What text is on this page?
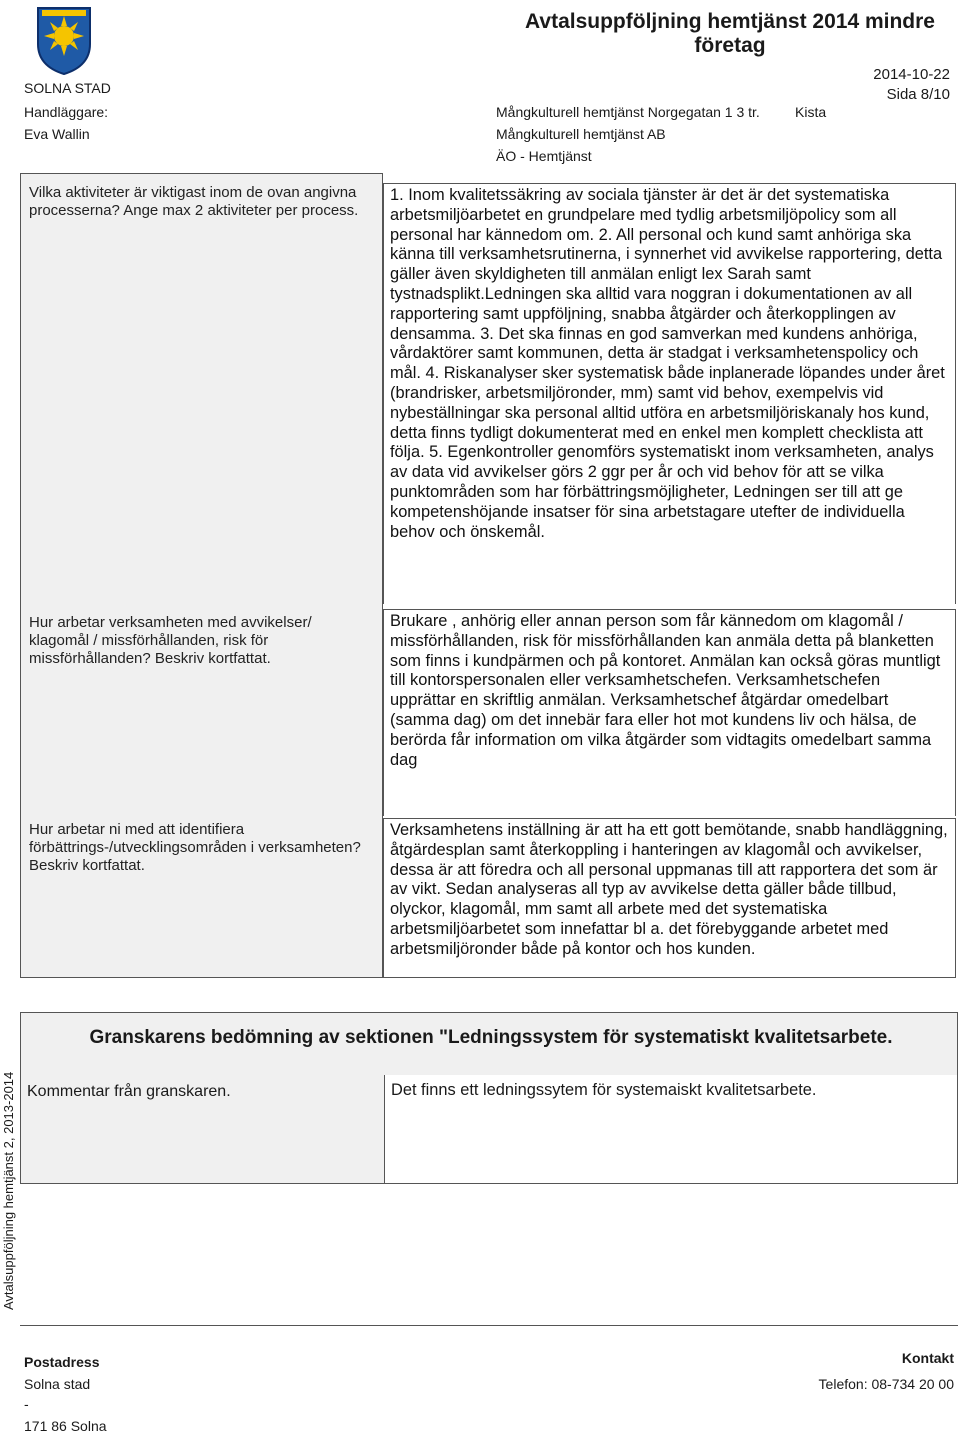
SOLNA STAD
Handläggare:
Eva Wallin
Mångkulturell hemtjänst Norgegatan 1 3 tr.	Kista
Mångkulturell hemtjänst AB
ÄO - Hemtjänst
Avtalsuppföljning hemtjänst 2014 mindre företag
2014-10-22
Sida 8/10
Vilka aktiviteter är viktigast inom de ovan angivna processerna? Ange max 2 aktiviteter per process.
Hur arbetar verksamheten med avvikelser/ klagomål / missförhållanden, risk för missförhållanden? Beskriv kortfattat.
Hur arbetar ni med att identifiera förbättrings-/utvecklingsområden i verksamheten? Beskriv kortfattat.
1. Inom kvalitetssäkring av sociala tjänster är det är det systematiska arbetsmiljöarbetet en grundpelare med tydlig arbetsmiljöpolicy som all personal har kännedom om. 2. All personal och kund samt anhöriga ska känna till verksamhetsrutinerna, i synnerhet vid avvikelse rapportering, detta gäller även skyldigheten till anmälan enligt lex Sarah samt tystnadsplikt.Ledningen ska alltid vara noggran i dokumentationen av all rapportering samt uppföljning, snabba åtgärder och återkopplingen av densamma. 3. Det ska finnas en god samverkan med kundens anhöriga, vårdaktörer samt kommunen, detta är stadgat i verksamhetenspolicy och mål. 4. Riskanalyser sker systematisk både inplanerade löpandes under året (brandrisker, arbetsmiljöronder, mm) samt vid behov, exempelvis vid nybeställningar ska personal alltid utföra en arbetsmiljöriskanaly hos kund, detta finns tydligt dokumenterat med en enkel men komplett checklista att följa. 5. Egenkontroller genomförs systematiskt inom verksamheten, analys av data vid avvikelser görs 2 ggr per år och vid behov för att se vilka punktområden som har förbättringsmöjligheter, Ledningen ser till att ge kompetenshöjande insatser för sina arbetstagare utefter de individuella behov och önskemål.
Brukare , anhörig eller annan person som får kännedom om klagomål / missförhållanden, risk för missförhållanden kan anmäla detta på blanketten som finns i kundpärmen och på kontoret. Anmälan kan också göras muntligt till kontorspersonalen eller verksamhetschefen. Verksamhetschefen upprättar en skriftlig anmälan. Verksamhetschef åtgärdar omedelbart (samma dag) om det innebär fara eller hot mot kundens liv och hälsa, de berörda får information om vilka åtgärder som vidtagits omedelbart samma dag
Verksamhetens inställning är att ha ett gott bemötande, snabb handläggning, åtgärdesplan samt återkoppling i hanteringen av klagomål och avvikelser, dessa är att föredra och all personal uppmanas till att rapportera det som är av vikt. Sedan analyseras all typ av avvikelse detta gäller både tillbud, olyckor, klagomål, mm samt all arbete med det systematiska arbetsmiljöarbetet som innefattar bl a. det förebyggande arbetet med arbetsmiljöronder både på kontor och hos kunden.
Granskarens bedömning av sektionen "Ledningssystem för systematiskt kvalitetsarbete.
Kommentar från granskaren.	Det finns ett ledningssytem för systemaiskt kvalitetsarbete.
Avtalsuppföljning hemtjänst 2, 2013-2014
Postadress
Solna stad
-
171 86 Solna
Kontakt
Telefon: 08-734 20 00
